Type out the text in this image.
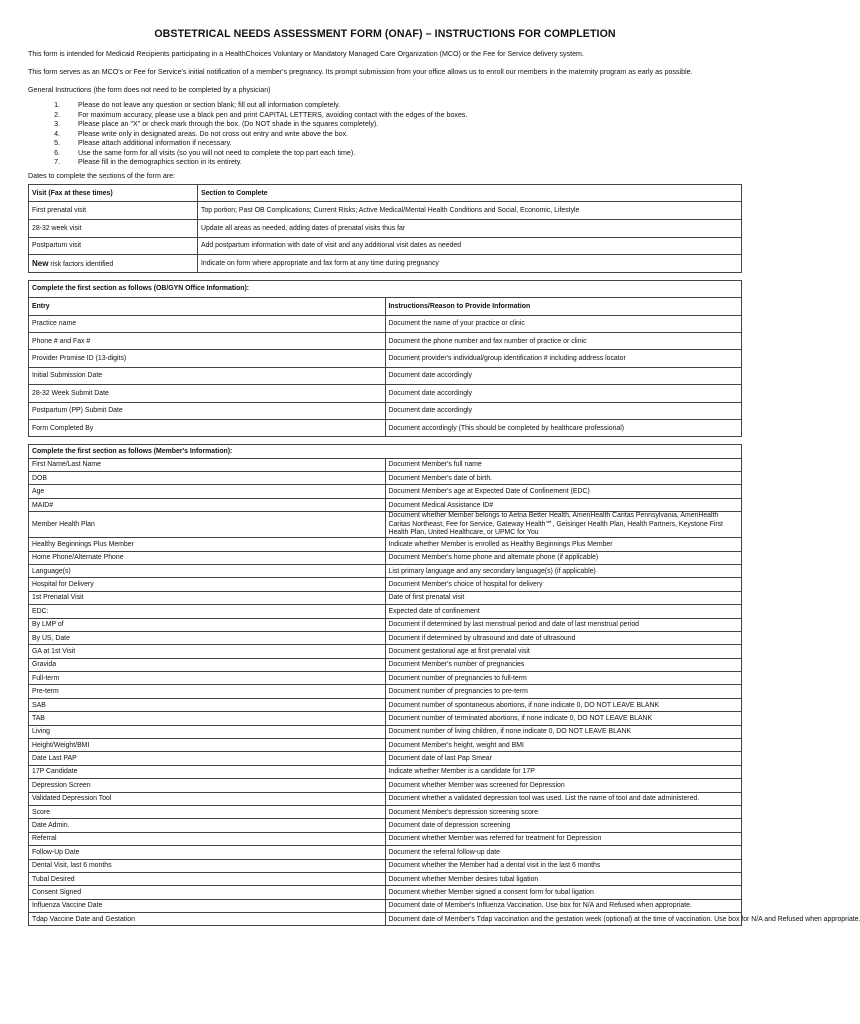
OBSTETRICAL NEEDS ASSESSMENT FORM (ONAF) – INSTRUCTIONS FOR COMPLETION

This form is intended for Medicaid Recipients participating in a HealthChoices Voluntary or Mandatory Managed Care Organization (MCO) or the Fee for Service delivery system.

This form serves as an MCO's or Fee for Service's initial notification of a member's pregnancy. Its prompt submission from your office allows us to enroll our members in the maternity program as early as possible.

General Instructions (the form does not need to be completed by a physician)

1. Please do not leave any question or section blank; fill out all information completely.
2. For maximum accuracy, please use a black pen and print CAPITAL LETTERS, avoiding contact with the edges of the boxes.
3. Please place an "X" or check mark through the box. (Do NOT shade in the squares completely).
4. Please write only in designated areas. Do not cross out entry and write above the box.
5. Please attach additional information if necessary.
6. Use the same form for all visits (so you will not need to complete the top part each time).
7. Please fill in the demographics section in its entirety.

Dates to complete the sections of the form are:

Visit (Fax at these times)	Section to Complete
First prenatal visit	Top portion; Past OB Complications; Current Risks; Active Medical/Mental Health Conditions and Social, Economic, Lifestyle
28-32 week visit	Update all areas as needed, adding dates of prenatal visits thus far
Postpartum visit	Add postpartum information with date of visit and any additional visit dates as needed
New risk factors identified	Indicate on form where appropriate and fax form at any time during pregnancy
Complete the first section as follows (OB/GYN Office Information):	
Entry	Instructions/Reason to Provide Information
Practice name	Document the name of your practice or clinic
Phone # and Fax #	Document the phone number and fax number of practice or clinic
Provider Promise ID (13-digits)	Document provider's individual/group identification # including address locator
Initial Submission Date	Document date accordingly
28-32 Week Submit Date	Document date accordingly
Postpartum (PP) Submit Date	Document date accordingly
Form Completed By	Document accordingly (This should be completed by healthcare professional)
Complete the first section as follows (Member's Information):	
First Name/Last Name	Document Member's full name
DOB	Document Member's date of birth.
Age	Document Member's age at Expected Date of Confinement (EDC)
MAID#	Document Medical Assistance ID#
Member Health Plan	Document whether Member belongs to Aetna Better Health, AmeriHealth Caritas Pennsylvania, AmeriHealth Caritas Northeast, Fee for Service, Gateway Health℠, Geisinger Health Plan, Health Partners, Keystone First Health Plan, United Healthcare, or UPMC for You
Healthy Beginnings Plus Member	Indicate whether Member is enrolled as Healthy Beginnings Plus Member
Home Phone/Alternate Phone	Document Member's home phone and alternate phone (if applicable)
Language(s)	List primary language and any secondary language(s) (if applicable)
Hospital for Delivery	Document Member's choice of hospital for delivery
1st Prenatal Visit	Date of first prenatal visit
EDC:	Expected date of confinement
By LMP of	Document if determined by last menstrual period and date of last menstrual period
By US, Date	Document if determined by ultrasound and date of ultrasound
GA at 1st Visit	Document gestational age at first prenatal visit
Gravida	Document Member's number of pregnancies
Full-term	Document number of pregnancies to full-term
Pre-term	Document number of pregnancies to pre-term
SAB	Document number of spontaneous abortions, if none indicate 0, DO NOT LEAVE BLANK
TAB	Document number of terminated abortions, if none indicate 0, DO NOT LEAVE BLANK
Living	Document number of living children, if none indicate 0, DO NOT LEAVE BLANK
Height/Weight/BMI	Document Member's height, weight and BMI
Date Last PAP	Document date of last Pap Smear
17P Candidate	Indicate whether Member is a candidate for 17P
Depression Screen	Document whether Member was screened for Depression
Validated Depression Tool	Document whether a validated depression tool was used. List the name of tool and date administered.
Score	Document Member's depression screening score
Date Admin.	Document date of depression screening
Referral	Document whether Member was referred for treatment for Depression
Follow-Up Date	Document the referral follow-up date
Dental Visit, last 6 months	Document whether the Member had a dental visit in the last 6 months
Tubal Desired	Document whether Member desires tubal ligation
Consent Signed	Document whether Member signed a consent form for tubal ligation
Influenza Vaccine Date	Document date of Member's Influenza Vaccination. Use box for N/A and Refused when appropriate.
Tdap Vaccine Date and Gestation	Document date of Member's Tdap vaccination and the gestation week (optional) at the time of vaccination. Use box for N/A and Refused when appropriate.
